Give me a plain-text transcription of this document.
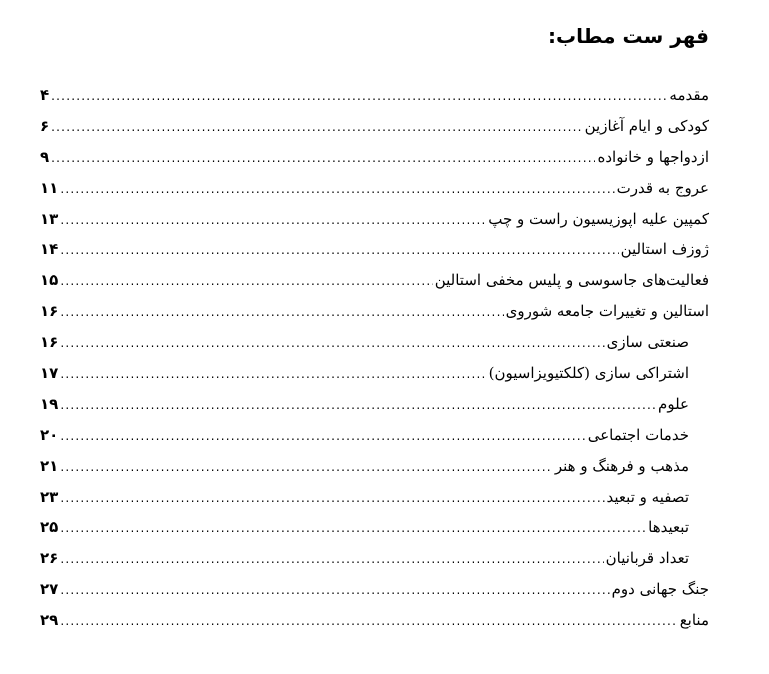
فهر ست مطاب:
مقدمه
.....
۴
کودکی و ایام آغازین
.....
۶
ازدواجها و خانواده
.....
۹
عروج به قدرت
.....
۱۱
کمپین علیه اپوزیسیون راست و چپ
.....
۱۳
ژوزف استالین
.....
۱۴
فعالیت‌های جاسوسی و پلیس مخفی استالین
.....
۱۵
استالین و تغییرات جامعه شوروی
.....
۱۶
صنعتی سازی
.....
۱۶
اشتراکی سازی (کلکتیویزاسیون)
.....
۱۷
علوم
.....
۱۹
خدمات اجتماعی
.....
۲۰
مذهب و فرهنگ و هنر
.....
۲۱
تصفیه و تبعید
.....
۲۳
تبعیدها
.....
۲۵
تعداد قربانیان
.....
۲۶
جنگ جهانی دوم
.....
۲۷
منابع
.....
۲۹
